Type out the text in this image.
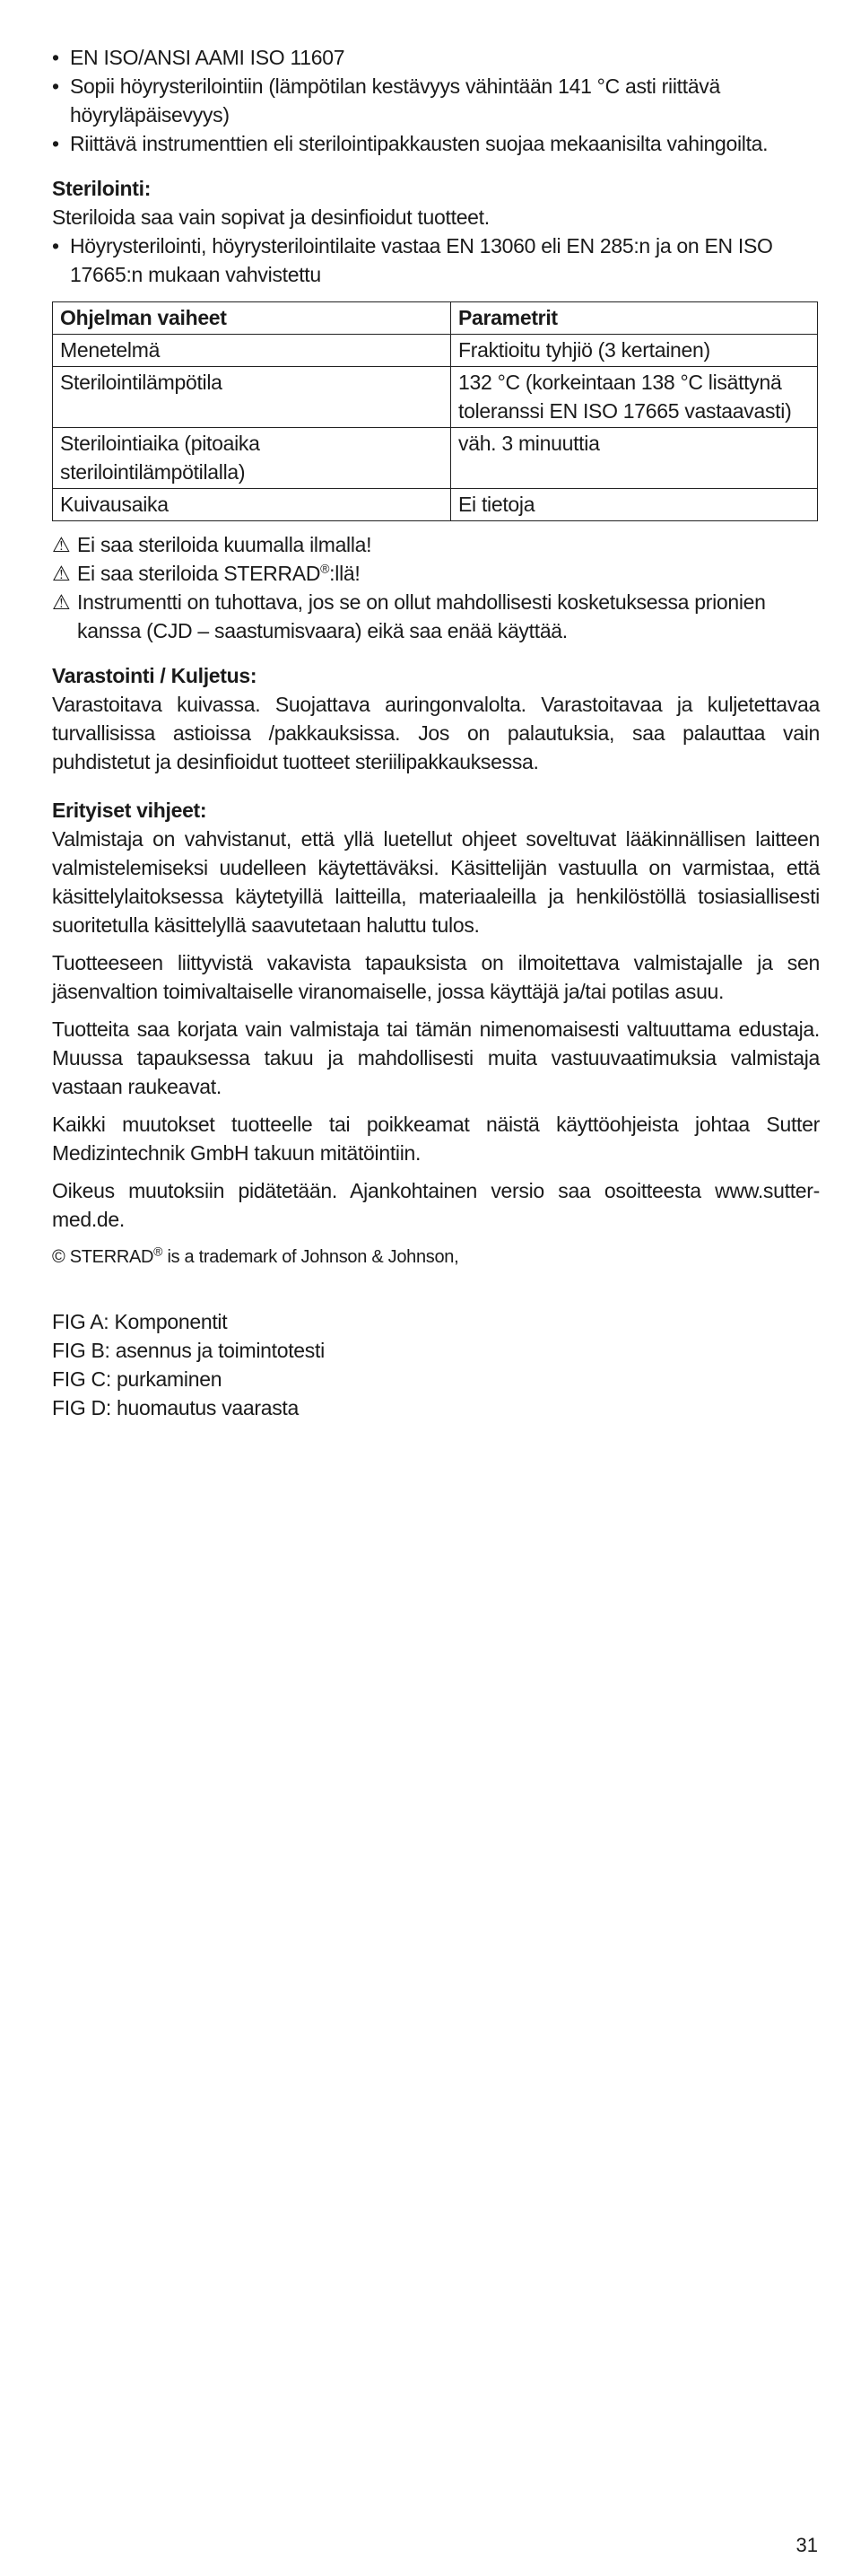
• EN ISO/ANSI AAMI ISO 11607
• Sopii höyrysterilointiin (lämpötilan kestävyys vähintään 141 °C asti riittävä höyryläpäisevyys)
• Riittävä instrumenttien eli sterilointipakkausten suojaa mekaanisilta vahingoilta.

Sterilointi:

Steriloida saa vain sopivat ja desinfioidut tuotteet.

• Höyrysterilointi, höyrysterilointilaite vastaa EN 13060 eli EN 285:n ja on EN ISO 17665:n mukaan vahvistettu
Ohjelman vaiheet	Parametrit
Menetelmä	Fraktioitu tyhjiö (3 kertainen)
Sterilointilämpötila	132 °C (korkeintaan 138 °C lisättynä toleranssi EN ISO 17665 vastaavasti)
Sterilointiaika (pitoaika sterilointilämpötilalla)	väh. 3 minuuttia
Kuivausaika	Ei tietoja
⚠ Ei saa steriloida kuumalla ilmalla!
⚠ Ei saa steriloida STERRAD®:llä!
⚠ Instrumentti on tuhottava, jos se on ollut mahdollisesti kosketuksessa prionien kanssa (CJD – saastumisvaara) eikä saa enää käyttää.

Varastointi / Kuljetus:

Varastoitava kuivassa. Suojattava auringonvalolta. Varastoitavaa ja kuljetettavaa turvallisissa astioissa /pakkauksissa. Jos on palautuksia, saa palauttaa vain puhdistetut ja desinfioidut tuotteet steriilipakkauksessa.

Erityiset vihjeet:

Valmistaja on vahvistanut, että yllä luetellut ohjeet soveltuvat lääkinnällisen laitteen valmistelemiseksi uudelleen käytettäväksi. Käsittelijän vastuulla on varmistaa, että käsittelylaitoksessa käytetyillä laitteilla, materiaaleilla ja henkilöstöllä tosiasiallisesti suoritetulla käsittelyllä saavutetaan haluttu tulos.

Tuotteeseen liittyvistä vakavista tapauksista on ilmoitettava valmistajalle ja sen jäsenvaltion toimivaltaiselle viranomaiselle, jossa käyttäjä ja/tai potilas asuu.

Tuotteita saa korjata vain valmistaja tai tämän nimenomaisesti valtuuttama edustaja. Muussa tapauksessa takuu ja mahdollisesti muita vastuuvaatimuksia valmistaja vastaan raukeavat.

Kaikki muutokset tuotteelle tai poikkeamat näistä käyttöohjeista johtaa Sutter Medizintechnik GmbH takuun mitätöintiin.

Oikeus muutoksiin pidätetään. Ajankohtainen versio saa osoitteesta www.sutter-med.de.

© STERRAD® is a trademark of Johnson & Johnson,

FIG A: Komponentit

FIG B: asennus ja toimintotesti

FIG C: purkaminen

FIG D: huomautus vaarasta

31
